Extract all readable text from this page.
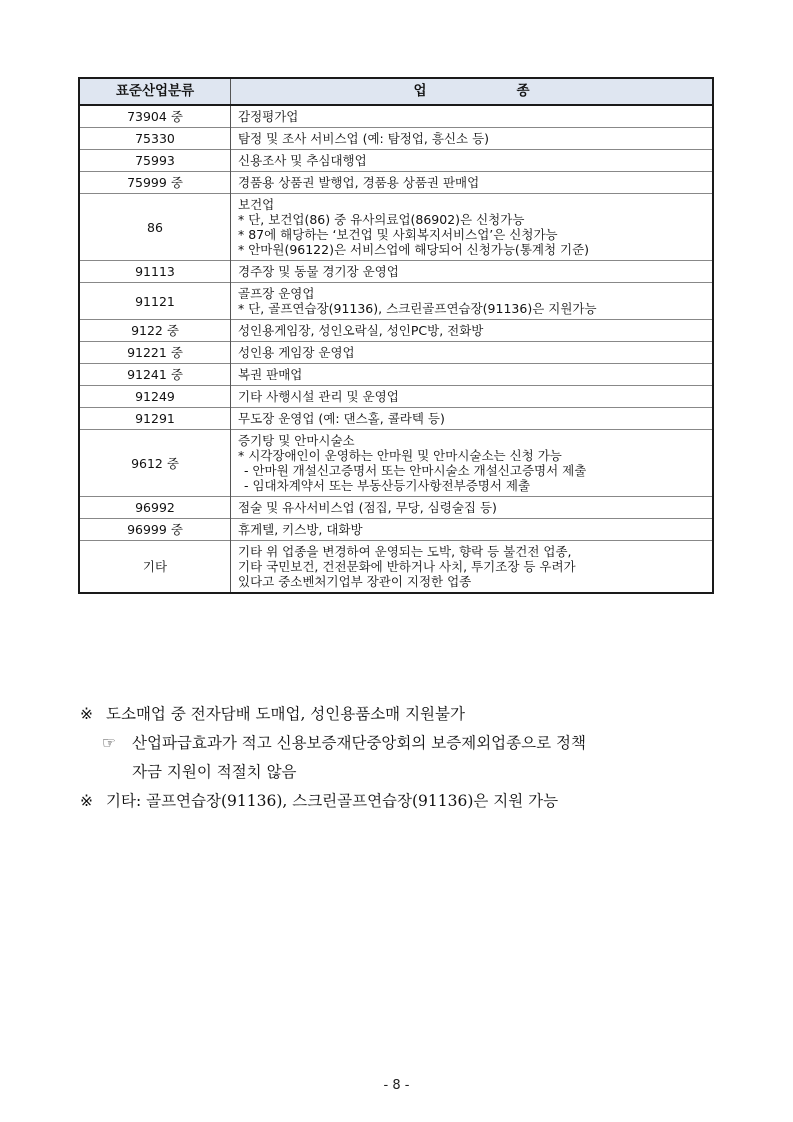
표준산업분류	업 종
73904 중	감정평가업

75330	탐정 및 조사 서비스업 (예: 탐정업, 흥신소 등)

75993	신용조사 및 추심대행업

75999 중	경품용 상품권 발행업, 경품용 상품권 판매업

86	보건업
* 단, 보건업(86) 중 유사의료업(86902)은 신청가능
* 87에 해당하는 ‘보건업 및 사회복지서비스업’은 신청가능
* 안마원(96122)은 서비스업에 해당되어 신청가능(통계청 기준)

91113	경주장 및 동물 경기장 운영업

91121	골프장 운영업
* 단, 골프연습장(91136), 스크린골프연습장(91136)은 지원가능

9122 중	성인용게임장, 성인오락실, 성인PC방, 전화방

91221 중	성인용 게임장 운영업

91241 중	복권 판매업

91249	기타 사행시설 관리 및 운영업

91291	무도장 운영업 (예: 댄스홀, 콜라텍 등)

9612 중	증기탕 및 안마시술소
* 시각장애인이 운영하는 안마원 및 안마시술소는 신청 가능
- 안마원 개설신고증명서 또는 안마시술소 개설신고증명서 제출
- 임대차계약서 또는 부동산등기사항전부증명서 제출

96992	점술 및 유사서비스업 (점집, 무당, 심령술집 등)

96999 중	휴게텔, 키스방, 대화방

기타	기타 위 업종을 변경하여 운영되는 도박, 향락 등 불건전 업종,
기타 국민보건, 건전문화에 반하거나 사치, 투기조장 등 우려가
있다고 중소벤처기업부 장관이 지정한 업종
※ 도소매업 중 전자담배 도매업, 성인용품소매 지원불가
☞ 산업파급효과가 적고 신용보증재단중앙회의 보증제외업종으로 정책
자금 지원이 적절치 않음
※ 기타: 골프연습장(91136), 스크린골프연습장(91136)은 지원 가능
- 8 -
